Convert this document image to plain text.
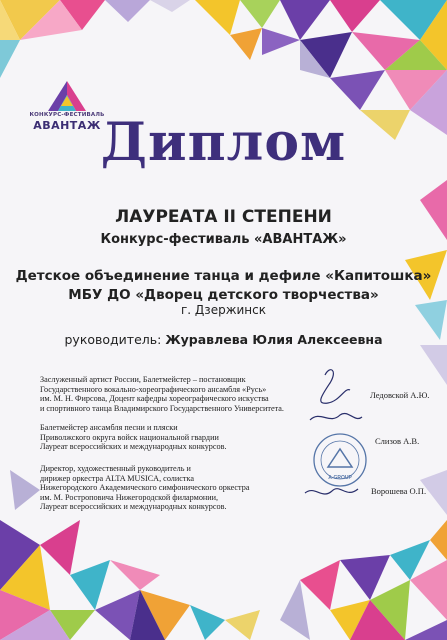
КОНКУРС-ФЕСТИВАЛЬ
АВАНТАЖ Диплом
ЛАУРЕАТА II СТЕПЕНИ
Конкурс-фестиваль «АВАНТАЖ»
Детское объединение танца и дефиле «Капитошка»
МБУ ДО «Дворец детского творчества»
г. Дзержинск
руководитель: Журавлева Юлия Алексеевна
Заслуженный артист России, Балетмейстер – постановщик
Государственного вокально-хореографического ансамбля «Русь»
им. М. Н. Фирсова, Доцент кафедры хореографического искуства
и спортивного танца Владимирского Государственного Университета.
Ледовской А.Ю.
Балетмейстер ансамбля песни и пляски
Приволжского округа войск национальной гвардии
Лауреат всероссийских и международных конкурсов.
Слизов А.В.
Директор, художественный руководитель и
дирижер оркестра ALTA MUSICA, солистка
Нижегородского Академического симфонического оркестра
им. М. Ростроповича Нижегородской филармонии,
Лауреат всероссийских и международных конкурсов.
Ворошева О.П.
A-GROUP
